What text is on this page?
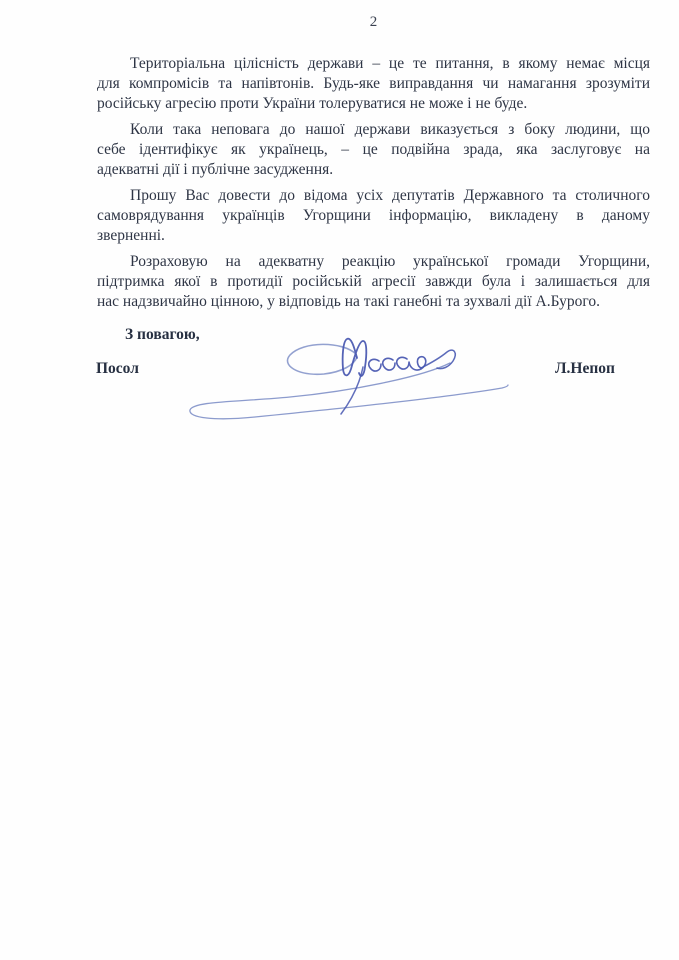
2

Територіальна цілісність держави – це те питання, в якому немає місця
для компромісів та напівтонів. Будь-яке виправдання чи намагання зрозуміти
російську агресію проти України толеруватися не може і не буде.

Коли така неповага до нашої держави виказується з боку людини, що
себе ідентифікує як українець, – це подвійна зрада, яка заслуговує на
адекватні дії і публічне засудження.

Прошу Вас довести до відома усіх депутатів Державного та столичного
самоврядування українців Угорщини інформацію, викладену в даному
зверненні.

Розраховую на адекватну реакцію української громади Угорщини,
підтримка якої в протидії російській агресії завжди була і залишається для
нас надзвичайно цінною, у відповідь на такі ганебні та зухвалі дії А.Бурого.

З повагою,
Посол	Л.Непоп
